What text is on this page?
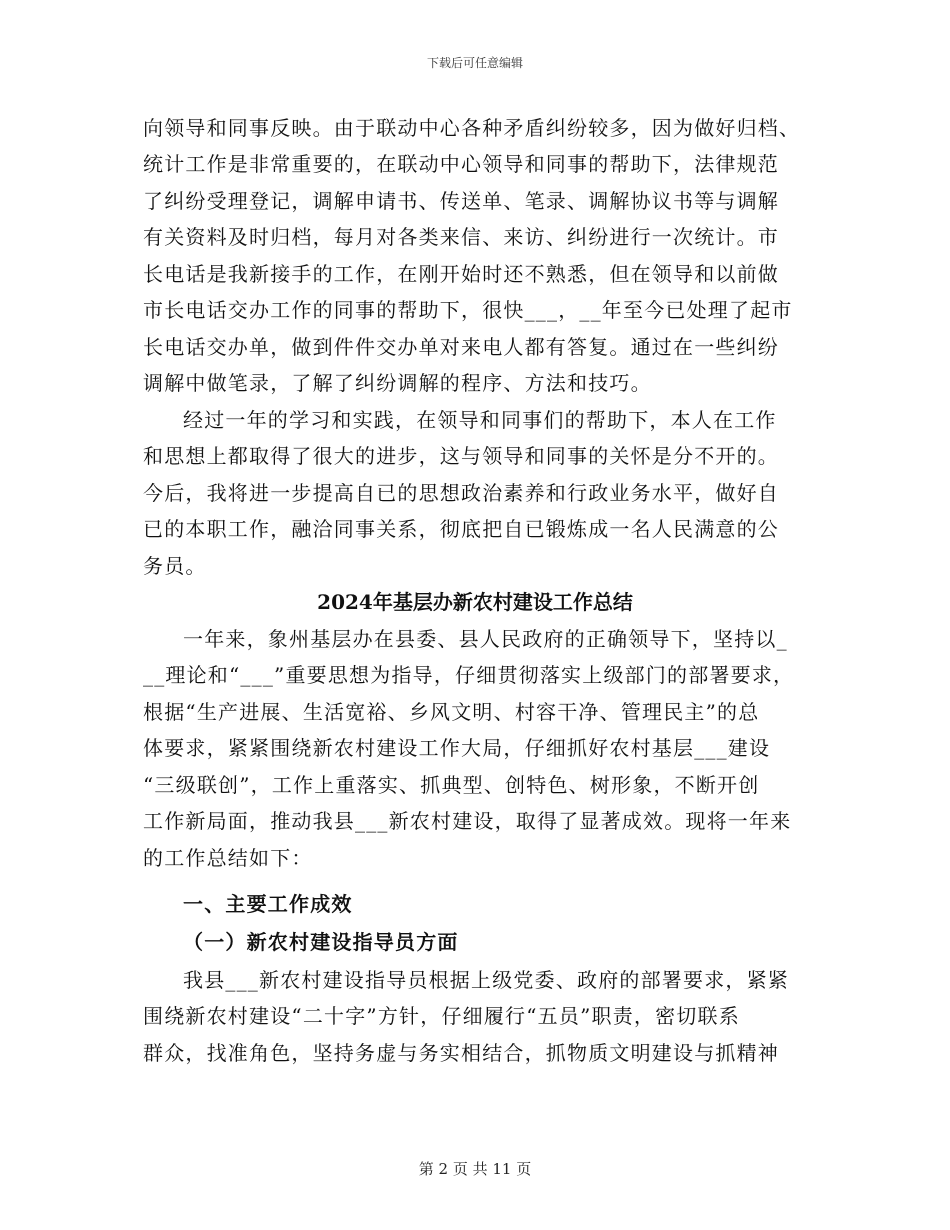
下载后可任意编辑
向领导和同事反映。由于联动中心各种矛盾纠纷较多，因为做好归档、
统计工作是非常重要的，在联动中心领导和同事的帮助下，法律规范
了纠纷受理登记，调解申请书、传送单、笔录、调解协议书等与调解
有关资料及时归档，每月对各类来信、来访、纠纷进行一次统计。市
长电话是我新接手的工作，在刚开始时还不熟悉，但在领导和以前做
市长电话交办工作的同事的帮助下，很快___，__年至今已处理了起市
长电话交办单，做到件件交办单对来电人都有答复。通过在一些纠纷
调解中做笔录，了解了纠纷调解的程序、方法和技巧。
经过一年的学习和实践，在领导和同事们的帮助下，本人在工作
和思想上都取得了很大的进步，这与领导和同事的关怀是分不开的。
今后，我将进一步提高自已的思想政治素养和行政业务水平，做好自
已的本职工作，融洽同事关系，彻底把自已锻炼成一名人民满意的公
务员。
2024年基层办新农村建设工作总结
一年来，象州基层办在县委、县人民政府的正确领导下，坚持以_
__理论和“___”重要思想为指导，仔细贯彻落实上级部门的部署要求，
根据“生产进展、生活宽裕、乡风文明、村容干净、管理民主”的总
体要求，紧紧围绕新农村建设工作大局，仔细抓好农村基层___建设
“三级联创”，工作上重落实、抓典型、创特色、树形象，不断开创
工作新局面，推动我县___新农村建设，取得了显著成效。现将一年来
的工作总结如下：
一、主要工作成效
（一）新农村建设指导员方面
我县___新农村建设指导员根据上级党委、政府的部署要求，紧紧
围绕新农村建设“二十字”方针，仔细履行“五员”职责，密切联系
群众，找准角色，坚持务虚与务实相结合，抓物质文明建设与抓精神
第 2 页 共 11 页
